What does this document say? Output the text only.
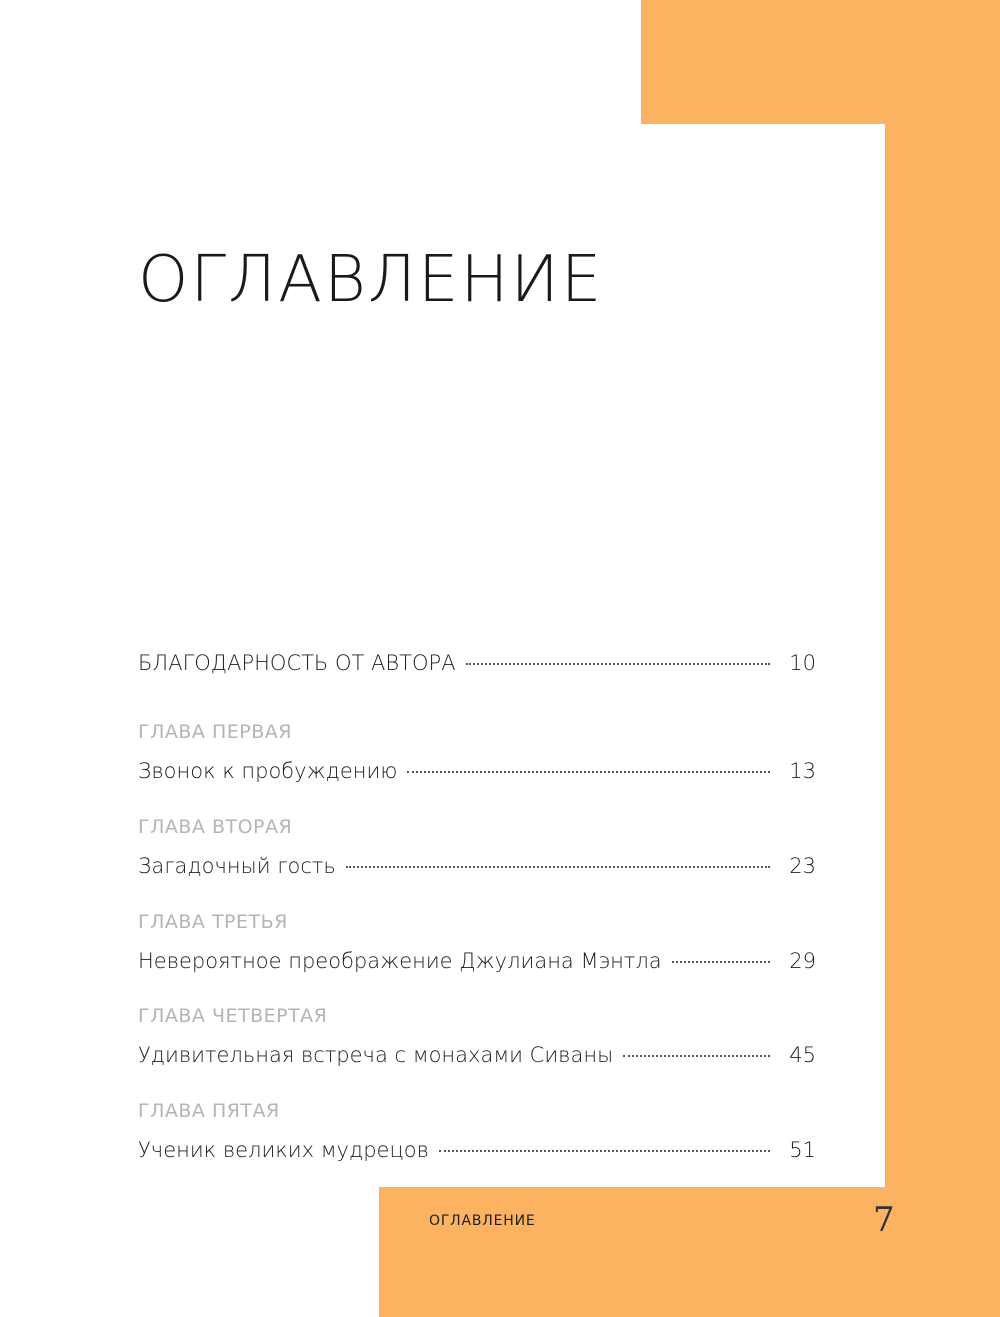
ОГЛАВЛЕНИЕ
БЛАГОДАРНОСТЬ ОТ АВТОРА	10
ГЛАВА ПЕРВАЯ
Звонок к пробуждению	13
ГЛАВА ВТОРАЯ
Загадочный гость	23
ГЛАВА ТРЕТЬЯ
Невероятное преображение Джулиана Мэнтла	29
ГЛАВА ЧЕТВЕРТАЯ
Удивительная встреча с монахами Сиваны	45
ГЛАВА ПЯТАЯ
Ученик великих мудрецов	51
ОГЛАВЛЕНИЕ	7
